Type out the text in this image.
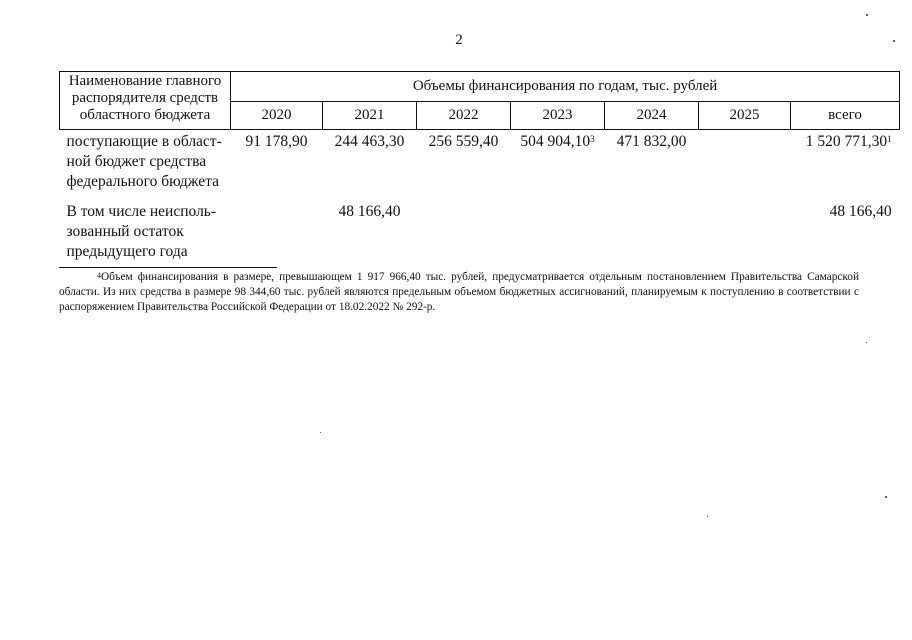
2
Наименование главного распорядителя средств областного бюджета	Объемы финансирования по годам, тыс. рублей						
	2020	2021	2022	2023	2024	2025	всего
поступающие в област-ной бюджет средства федерального бюджета	91 178,90	244 463,30	256 559,40	504 904,10$^3$	471 832,00		1 520 771,30$^1$
В том числе неисполь-зованный остаток предыдущего года		48 166,40					48 166,40
$^4$Объем финансирования в размере, превышающем 1 917 966,40 тыс. рублей, предусматривается отдельным постановлением Правительства Самарской области. Из них средства в размере 98 344,60 тыс. рублей являются предельным объемом бюджетных ассигнований, планируемым к поступлению в соответствии с распоряжением Правительства Российской Федерации от 18.02.2022 № 292-р.
